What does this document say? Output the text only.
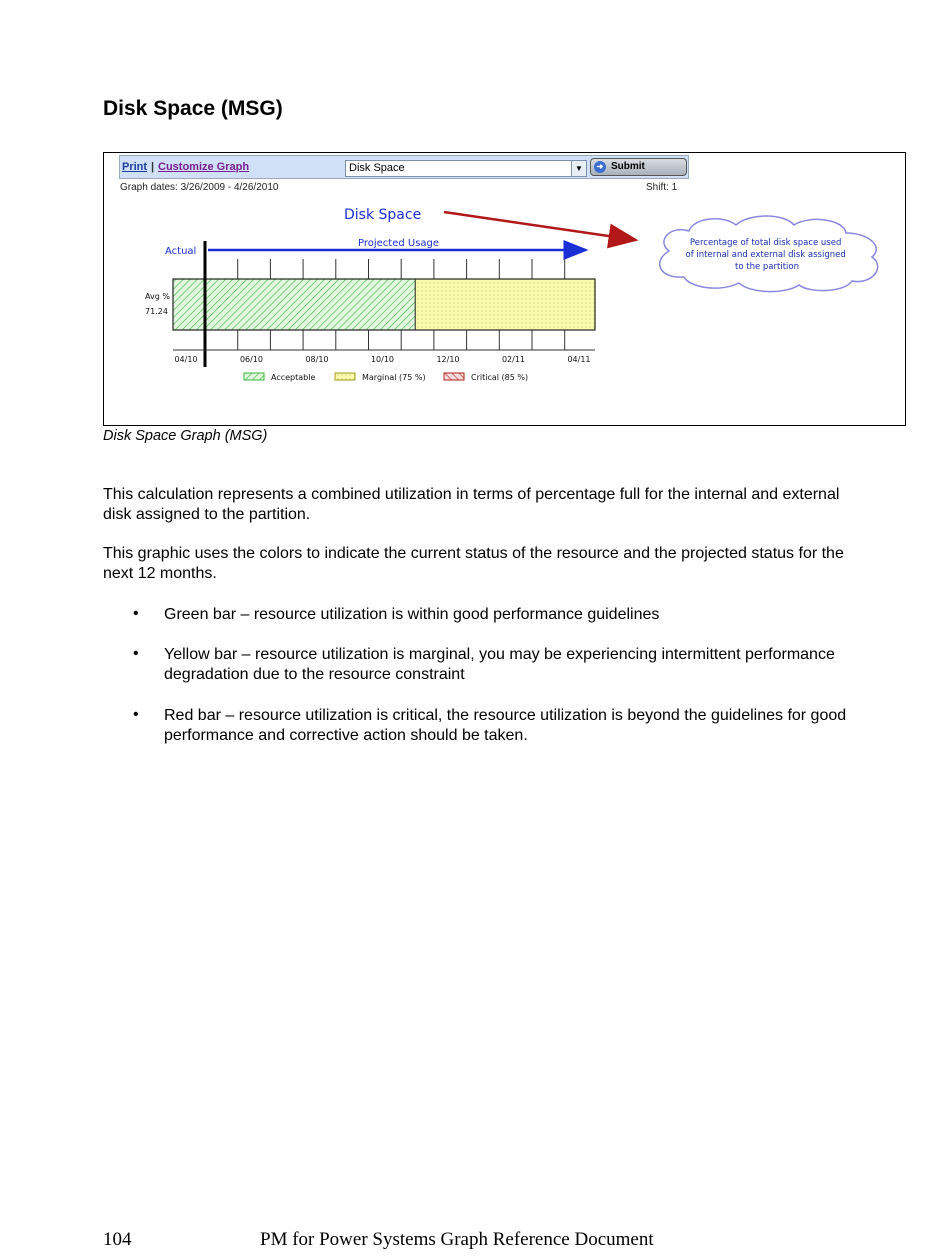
Disk Space (MSG)
Print | Customize Graph	Disk Space	▼	➜ Submit
Graph dates: 3/26/2009 - 4/26/2010	Shift: 1
Disk Space
Percentage of total disk space used of internal and external disk assigned to the partition
Actual
Projected Usage
Avg %
71.24
04/10	06/10	08/10	10/10	12/10	02/11	04/11
Acceptable	Marginal (75 %)	Critical (85 %)
Disk Space Graph (MSG)

This calculation represents a combined utilization in terms of percentage full for the internal and external disk assigned to the partition.

This graphic uses the colors to indicate the current status of the resource and the projected status for the next 12 months.

• Green bar – resource utilization is within good performance guidelines
• Yellow bar – resource utilization is marginal, you may be experiencing intermittent performance degradation due to the resource constraint
• Red bar – resource utilization is critical, the resource utilization is beyond the guidelines for good performance and corrective action should be taken.
104	PM for Power Systems Graph Reference Document
